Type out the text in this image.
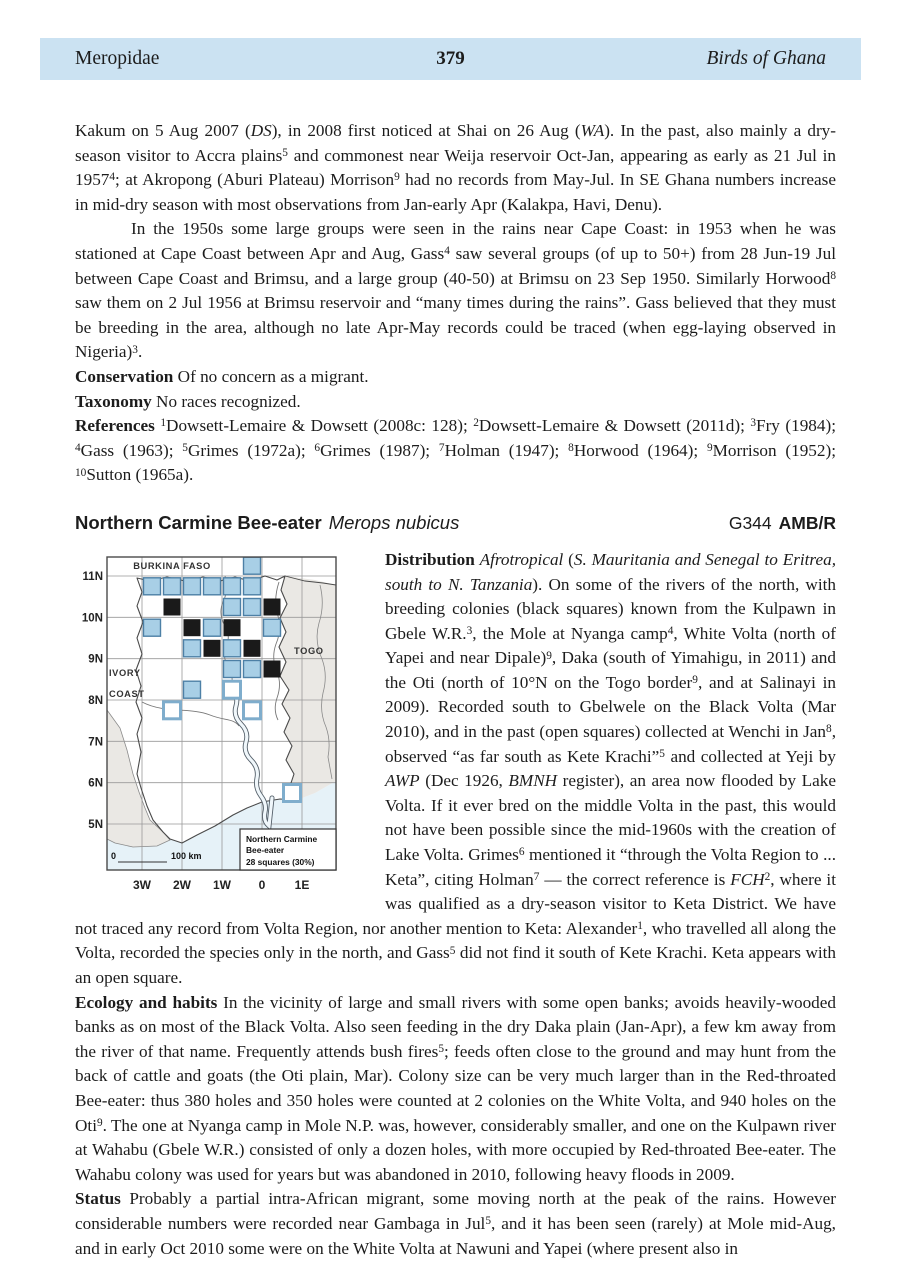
Meropidae	379	Birds of Ghana

Kakum on 5 Aug 2007 (DS), in 2008 first noticed at Shai on 26 Aug (WA). In the past, also mainly a dry-season visitor to Accra plains$^5$ and commonest near Weija reservoir Oct-Jan, appearing as early as 21 Jul in 1957$^4$; at Akropong (Aburi Plateau) Morrison$^9$ had no records from May-Jul. In SE Ghana numbers increase in mid-dry season with most observations from Jan-early Apr (Kalakpa, Havi, Denu).

In the 1950s some large groups were seen in the rains near Cape Coast: in 1953 when he was stationed at Cape Coast between Apr and Aug, Gass$^4$ saw several groups (of up to 50+) from 28 Jun-19 Jul between Cape Coast and Brimsu, and a large group (40-50) at Brimsu on 23 Sep 1950. Similarly Horwood$^8$ saw them on 2 Jul 1956 at Brimsu reservoir and “many times during the rains”. Gass believed that they must be breeding in the area, although no late Apr-May records could be traced (when egg-laying observed in Nigeria)$^3$.

Conservation Of no concern as a migrant.

Taxonomy No races recognized.

References $^1$Dowsett-Lemaire & Dowsett (2008c: 128); $^2$Dowsett-Lemaire & Dowsett (2011d); $^3$Fry (1984); $^4$Gass (1963); $^5$Grimes (1972a); $^6$Grimes (1987); $^7$Holman (1947); $^8$Horwood (1964); $^9$Morrison (1952); $^{10}$Sutton (1965a).

Northern Carmine Bee-eater Merops nubicus	G344 AMB/R
BURKINA FASO
TOGO
IVORY
COAST
11N
10N
9N
8N
7N
6N
5N
3W 2W 1W 0 1E
0	100 km
Northern Carmine
Bee-eater
28 squares (30%)

Distribution Afrotropical (S. Mauritania and Senegal to Eritrea, south to N. Tanzania). On some of the rivers of the north, with breeding colonies (black squares) known from the Kulpawn in Gbele W.R.$^3$, the Mole at Nyanga camp$^4$, White Volta (north of Yapei and near Dipale)$^9$, Daka (south of Yimahigu, in 2011) and the Oti (north of 10°N on the Togo border$^9$, and at Salinayi in 2009). Recorded south to Gbelwele on the Black Volta (Mar 2010), and in the past (open squares) collected at Wenchi in Jan$^8$, observed “as far south as Kete Krachi”$^5$ and collected at Yeji by AWP (Dec 1926, BMNH register), an area now flooded by Lake Volta. If it ever bred on the middle Volta in the past, this would not have been possible since the mid-1960s with the creation of Lake Volta. Grimes$^6$ mentioned it “through the Volta Region to ... Keta”, citing Holman$^7$ — the correct reference is FCH$^2$, where it was qualified as a dry-season visitor to Keta District. We have not traced any record from Volta Region, nor another mention to Keta: Alexander$^1$, who travelled all along the Volta, recorded the species only in the north, and Gass$^5$ did not find it south of Kete Krachi. Keta appears with an open square.

Ecology and habits In the vicinity of large and small rivers with some open banks; avoids heavily-wooded banks as on most of the Black Volta. Also seen feeding in the dry Daka plain (Jan-Apr), a few km away from the river of that name. Frequently attends bush fires$^5$; feeds often close to the ground and may hunt from the back of cattle and goats (the Oti plain, Mar). Colony size can be very much larger than in the Red-throated Bee-eater: thus 380 holes and 350 holes were counted at 2 colonies on the White Volta, and 940 holes on the Oti$^9$. The one at Nyanga camp in Mole N.P. was, however, considerably smaller, and one on the Kulpawn river at Wahabu (Gbele W.R.) consisted of only a dozen holes, with more occupied by Red-throated Bee-eater. The Wahabu colony was used for years but was abandoned in 2010, following heavy floods in 2009.

Status Probably a partial intra-African migrant, some moving north at the peak of the rains. However considerable numbers were recorded near Gambaga in Jul$^5$, and it has been seen (rarely) at Mole mid-Aug, and in early Oct 2010 some were on the White Volta at Nawuni and Yapei (where present also in
